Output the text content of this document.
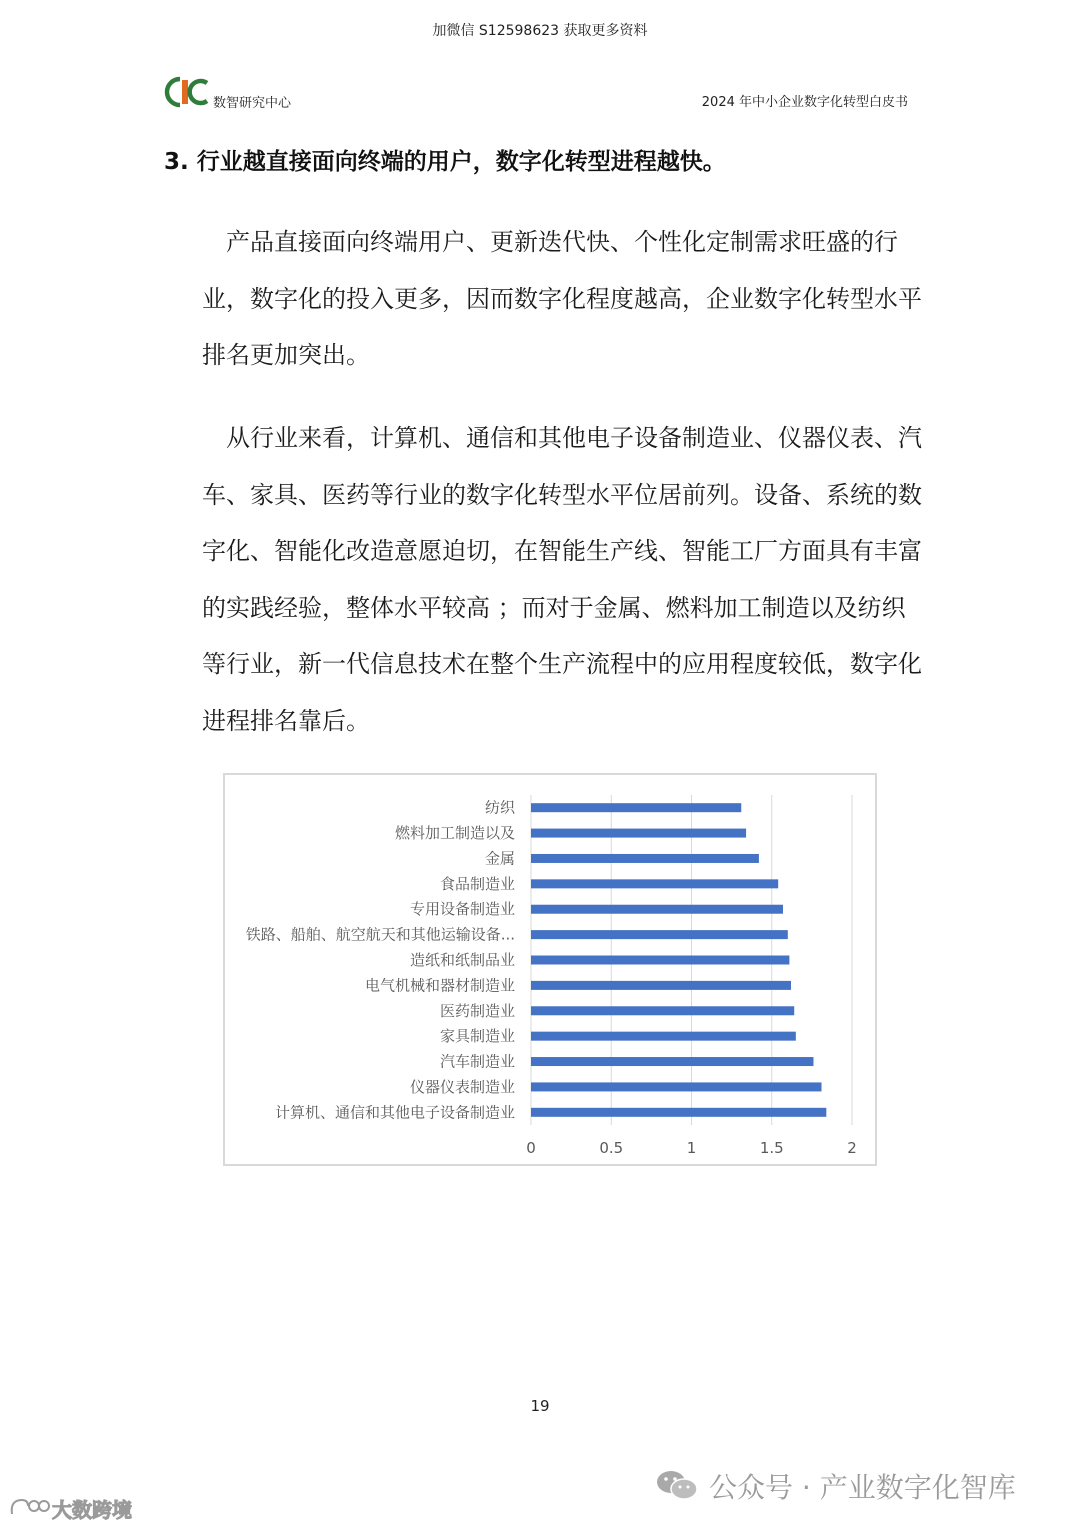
加微信 S12598623 获取更多资料
数智研究中心	2024 年中小企业数字化转型白皮书
3. 行业越直接面向终端的用户，数字化转型进程越快。

产品直接面向终端用户、更新迭代快、个性化定制需求旺盛的行业，数字化的投入更多，因而数字化程度越高，企业数字化转型水平排名更加突出。

从行业来看，计算机、通信和其他电子设备制造业、仪器仪表、汽车、家具、医药等行业的数字化转型水平位居前列。设备、系统的数字化、智能化改造意愿迫切，在智能生产线、智能工厂方面具有丰富的实践经验，整体水平较高 ；而对于金属、燃料加工制造以及纺织等行业，新一代信息技术在整个生产流程中的应用程度较低，数字化进程排名靠后。

0	0.5	1	1.5	2
纺织
燃料加工制造以及
金属
食品制造业
专用设备制造业
铁路、船舶、航空航天和其他运输设备...
造纸和纸制品业
电气机械和器材制造业
医药制造业
家具制造业
汽车制造业
仪器仪表制造业
计算机、通信和其他电子设备制造业
19
公众号 · 产业数字化智库
大数跨境
